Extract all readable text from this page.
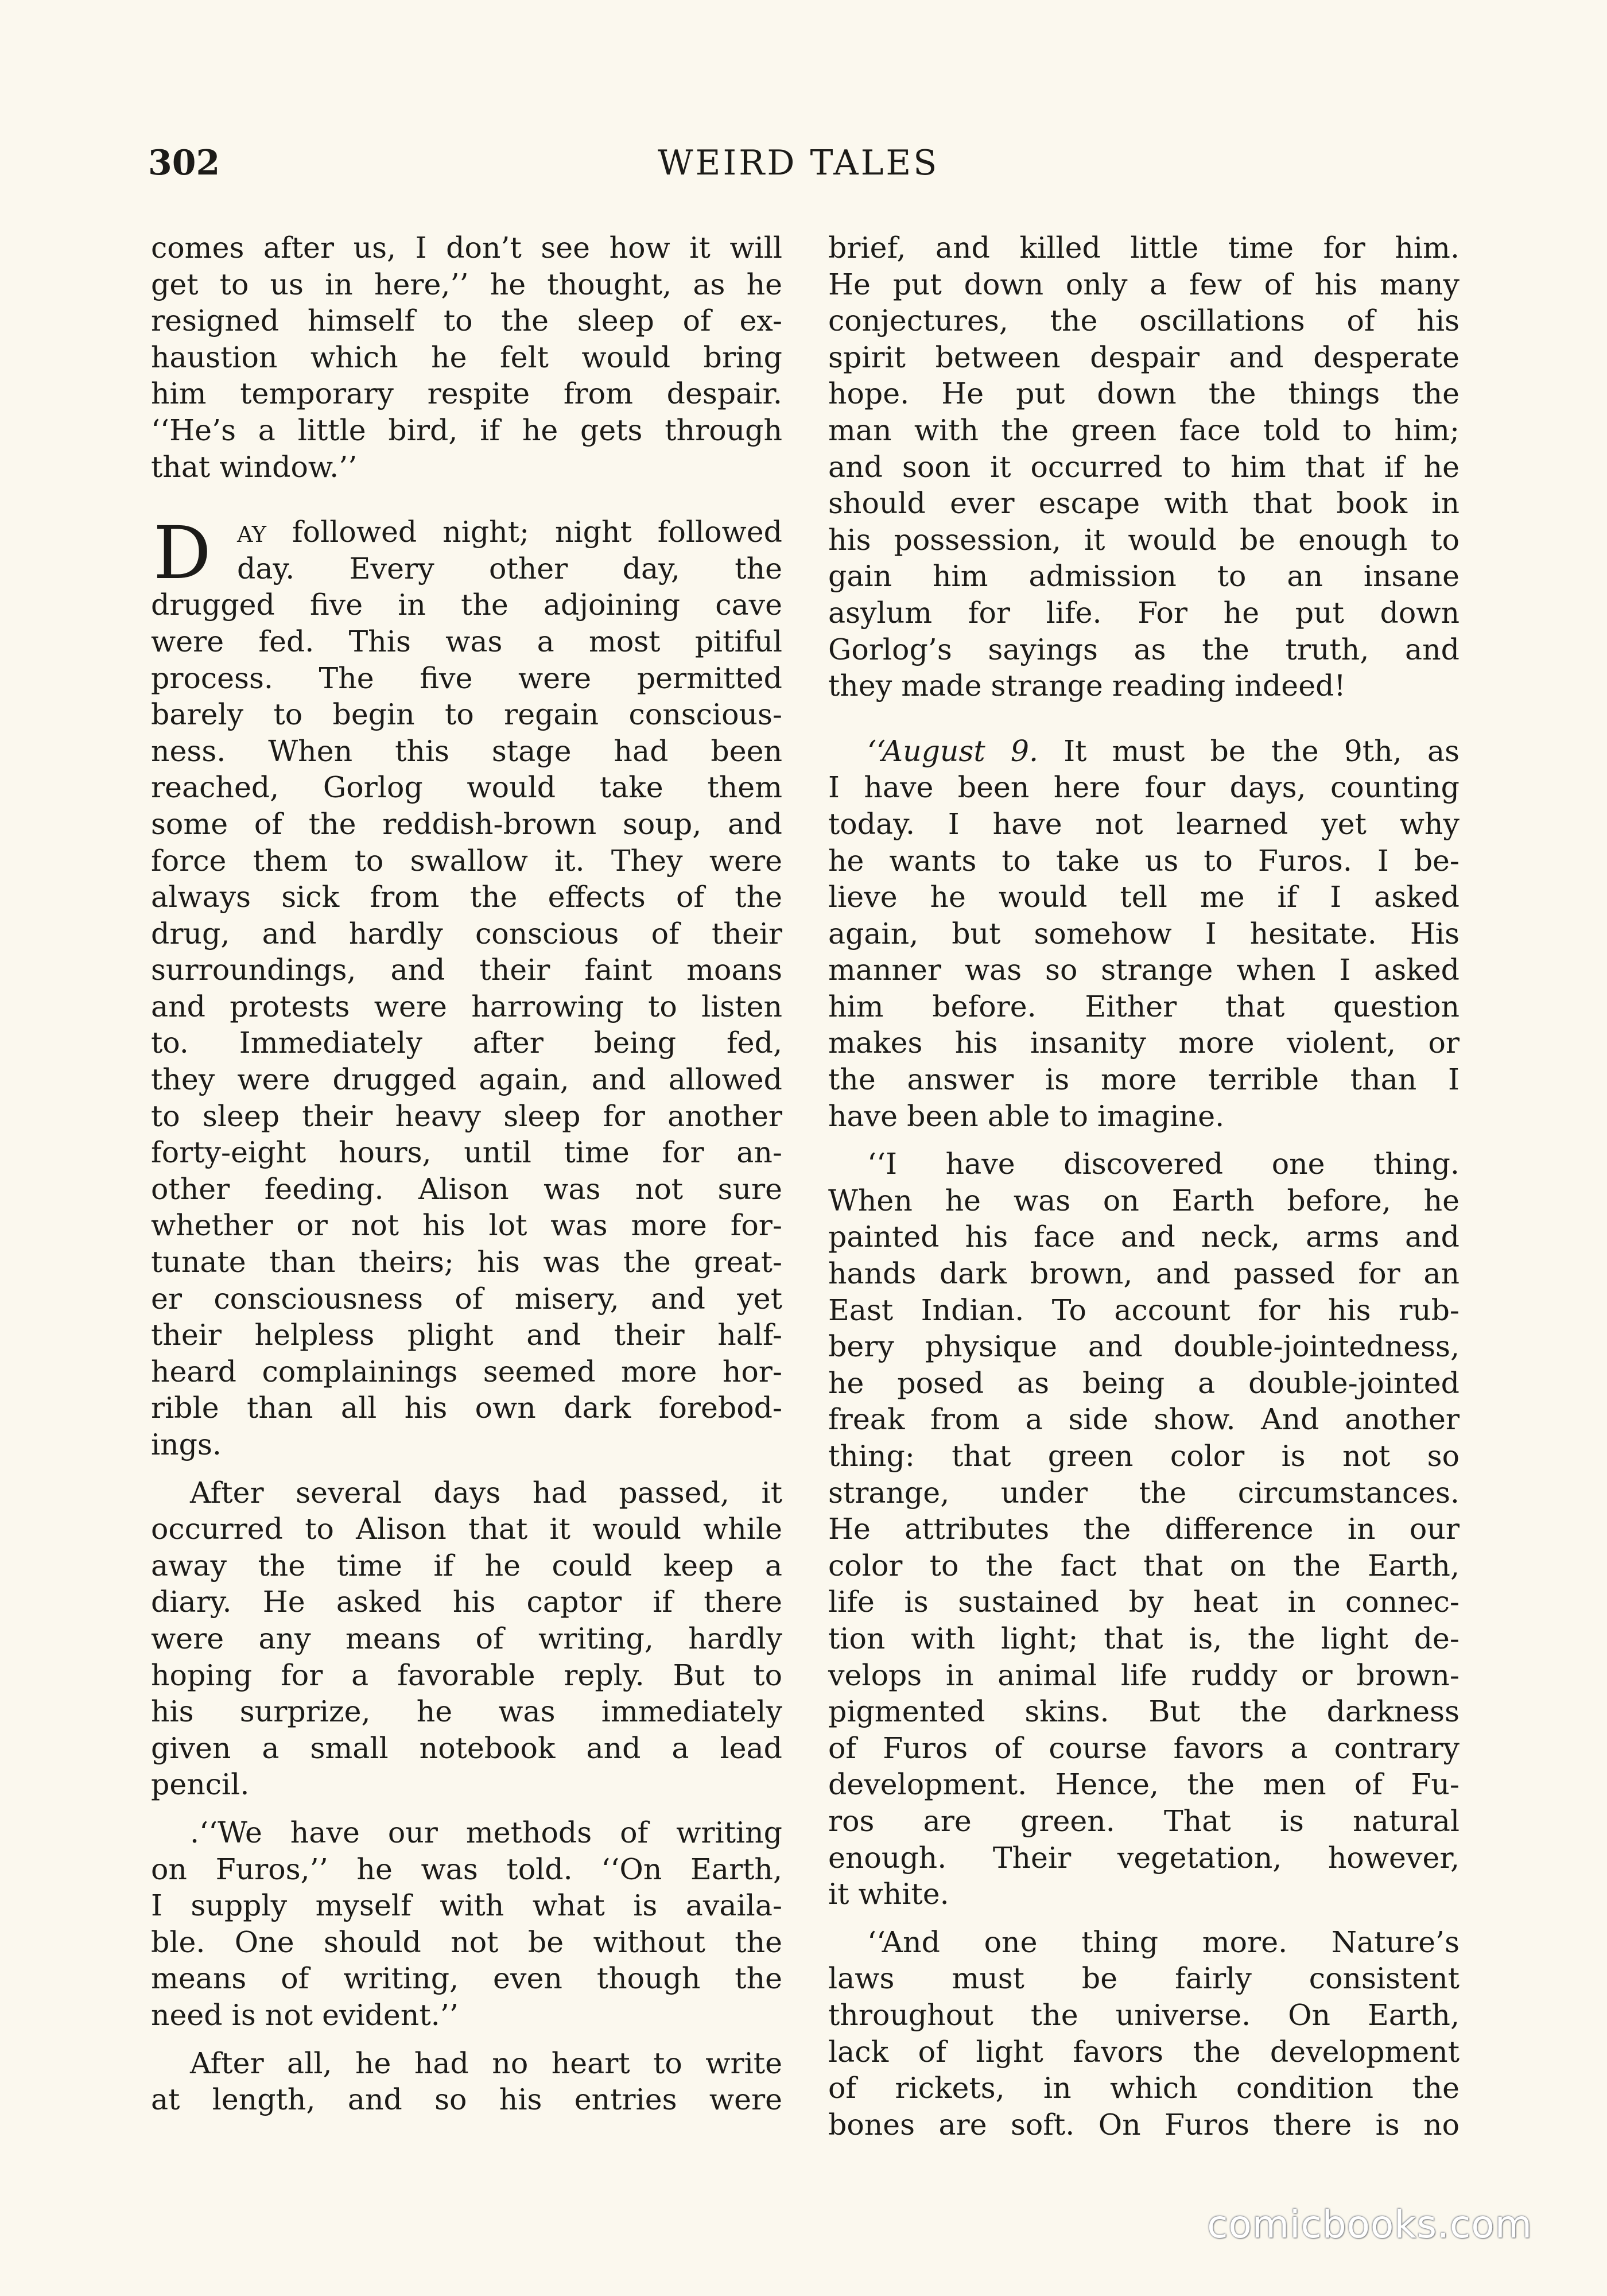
302	WEIRD TALES
comes after us, I don’t see how it will
get to us in here,’’ he thought, as he
resigned himself to the sleep of ex-
haustion which he felt would bring
him temporary respite from despair.
‘‘He’s a little bird, if he gets through
that window.’’
D AY followed night; night followed
day. Every other day, the
drugged five in the adjoining cave
were fed. This was a most pitiful
process. The five were permitted
barely to begin to regain conscious-
ness. When this stage had been
reached, Gorlog would take them
some of the reddish-brown soup, and
force them to swallow it. They were
always sick from the effects of the
drug, and hardly conscious of their
surroundings, and their faint moans
and protests were harrowing to listen
to. Immediately after being fed,
they were drugged again, and allowed
to sleep their heavy sleep for another
forty-eight hours, until time for an-
other feeding. Alison was not sure
whether or not his lot was more for-
tunate than theirs; his was the great-
er consciousness of misery, and yet
their helpless plight and their half-
heard complainings seemed more hor-
rible than all his own dark forebod-
ings.
After several days had passed, it
occurred to Alison that it would while
away the time if he could keep a
diary. He asked his captor if there
were any means of writing, hardly
hoping for a favorable reply. But to
his surprize, he was immediately
given a small notebook and a lead
pencil.
.‘‘We have our methods of writing
on Furos,’’ he was told. ‘‘On Earth,
I supply myself with what is availa-
ble. One should not be without the
means of writing, even though the
need is not evident.’’
After all, he had no heart to write
at length, and so his entries were
brief, and killed little time for him.
He put down only a few of his many
conjectures, the oscillations of his
spirit between despair and desperate
hope. He put down the things the
man with the green face told to him;
and soon it occurred to him that if he
should ever escape with that book in
his possession, it would be enough to
gain him admission to an insane
asylum for life. For he put down
Gorlog’s sayings as the truth, and
they made strange reading indeed!
‘‘August 9. It must be the 9th, as
I have been here four days, counting
today. I have not learned yet why
he wants to take us to Furos. I be-
lieve he would tell me if I asked
again, but somehow I hesitate. His
manner was so strange when I asked
him before. Either that question
makes his insanity more violent, or
the answer is more terrible than I
have been able to imagine.
‘‘I have discovered one thing.
When he was on Earth before, he
painted his face and neck, arms and
hands dark brown, and passed for an
East Indian. To account for his rub-
bery physique and double-jointedness,
he posed as being a double-jointed
freak from a side show. And another
thing: that green color is not so
strange, under the circumstances.
He attributes the difference in our
color to the fact that on the Earth,
life is sustained by heat in connec-
tion with light; that is, the light de-
velops in animal life ruddy or brown-
pigmented skins. But the darkness
of Furos of course favors a contrary
development. Hence, the men of Fu-
ros are green. That is natural
enough. Their vegetation, however,
it white.
‘‘And one thing more. Nature’s
laws must be fairly consistent
throughout the universe. On Earth,
lack of light favors the development
of rickets, in which condition the
bones are soft. On Furos there is no
comicbooks.com
